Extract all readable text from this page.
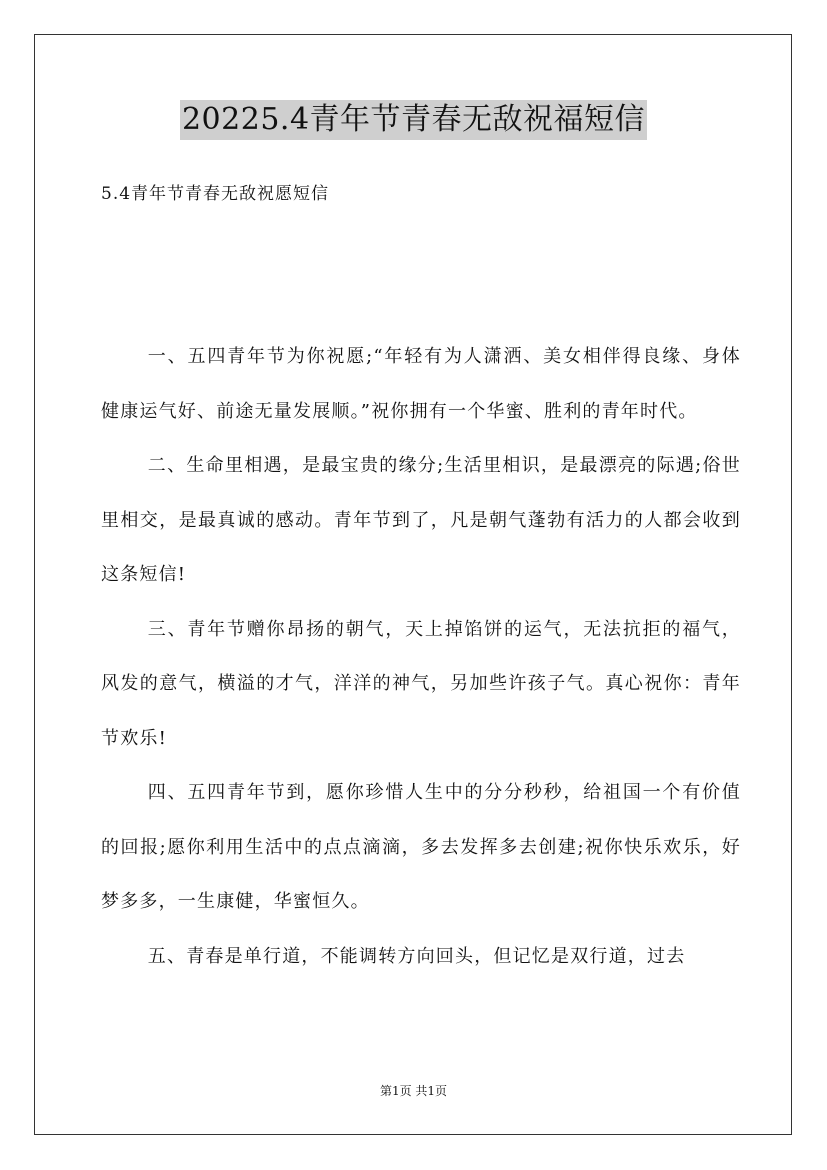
20225.4青年节青春无敌祝福短信
5.4青年节青春无敌祝愿短信

一、五四青年节为你祝愿;“年轻有为人潇洒、美女相伴得良缘、身体健康运气好、前途无量发展顺。”祝你拥有一个华蜜、胜利的青年时代。

二、生命里相遇，是最宝贵的缘分;生活里相识，是最漂亮的际遇;俗世里相交，是最真诚的感动。青年节到了，凡是朝气蓬勃有活力的人都会收到这条短信!

三、青年节赠你昂扬的朝气，天上掉馅饼的运气，无法抗拒的福气，风发的意气，横溢的才气，洋洋的神气，另加些许孩子气。真心祝你：青年节欢乐!

四、五四青年节到，愿你珍惜人生中的分分秒秒，给祖国一个有价值的回报;愿你利用生活中的点点滴滴，多去发挥多去创建;祝你快乐欢乐，好梦多多，一生康健，华蜜恒久。

五、青春是单行道，不能调转方向回头，但记忆是双行道，过去

第1页 共1页
